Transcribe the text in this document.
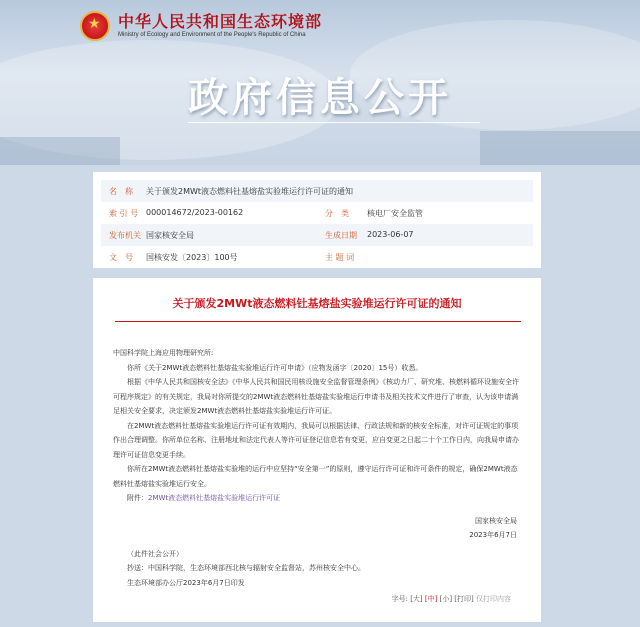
★
中华人民共和国生态环境部
Ministry of Ecology and Environment of the People's Republic of China
政府信息公开
名　称	关于颁发2MWt液态燃料钍基熔盐实验堆运行许可证的通知
索 引 号 000014672/2023-00162	分　类	核电厂安全监管
发布机关 国家核安全局	生成日期	2023-06-07
文　号	国核安发〔2023〕100号	主 题 词
关于颁发2MWt液态燃料钍基熔盐实验堆运行许可证的通知

中国科学院上海应用物理研究所:

你所《关于2MWt液态燃料钍基熔盐实验堆运行许可申请》（应物发函字〔2020〕15号）收悉。

根据《中华人民共和国核安全法》《中华人民共和国民用核设施安全监督管理条例》《核动力厂、研究堆、核燃料循环设施安全许可程序规定》的有关规定，我局对你所提交的2MWt液态燃料钍基熔盐实验堆运行申请书及相关技术文件进行了审查，认为该申请满足相关安全要求，决定颁发2MWt液态燃料钍基熔盐实验堆运行许可证。

在2MWt液态燃料钍基熔盐实验堆运行许可证有效期内，我局可以根据法律、行政法规和新的核安全标准，对许可证规定的事项作出合理调整。你所单位名称、注册地址和法定代表人等许可证登记信息若有变更，应自变更之日起二十个工作日内，向我局申请办理许可证信息变更手续。

你所在2MWt液态燃料钍基熔盐实验堆的运行中应坚持“安全第一”的原则，遵守运行许可证和许可条件的规定，确保2MWt液态燃料钍基熔盐实验堆运行安全。

附件：2MWt液态燃料钍基熔盐实验堆运行许可证

国家核安全局

2023年6月7日

（此件社会公开）

抄送：中国科学院，生态环境部西北核与辐射安全监督站，苏州核安全中心。

生态环境部办公厅2023年6月7日印发

字号: [大] [中] [小] [打印] 仅打印内容
